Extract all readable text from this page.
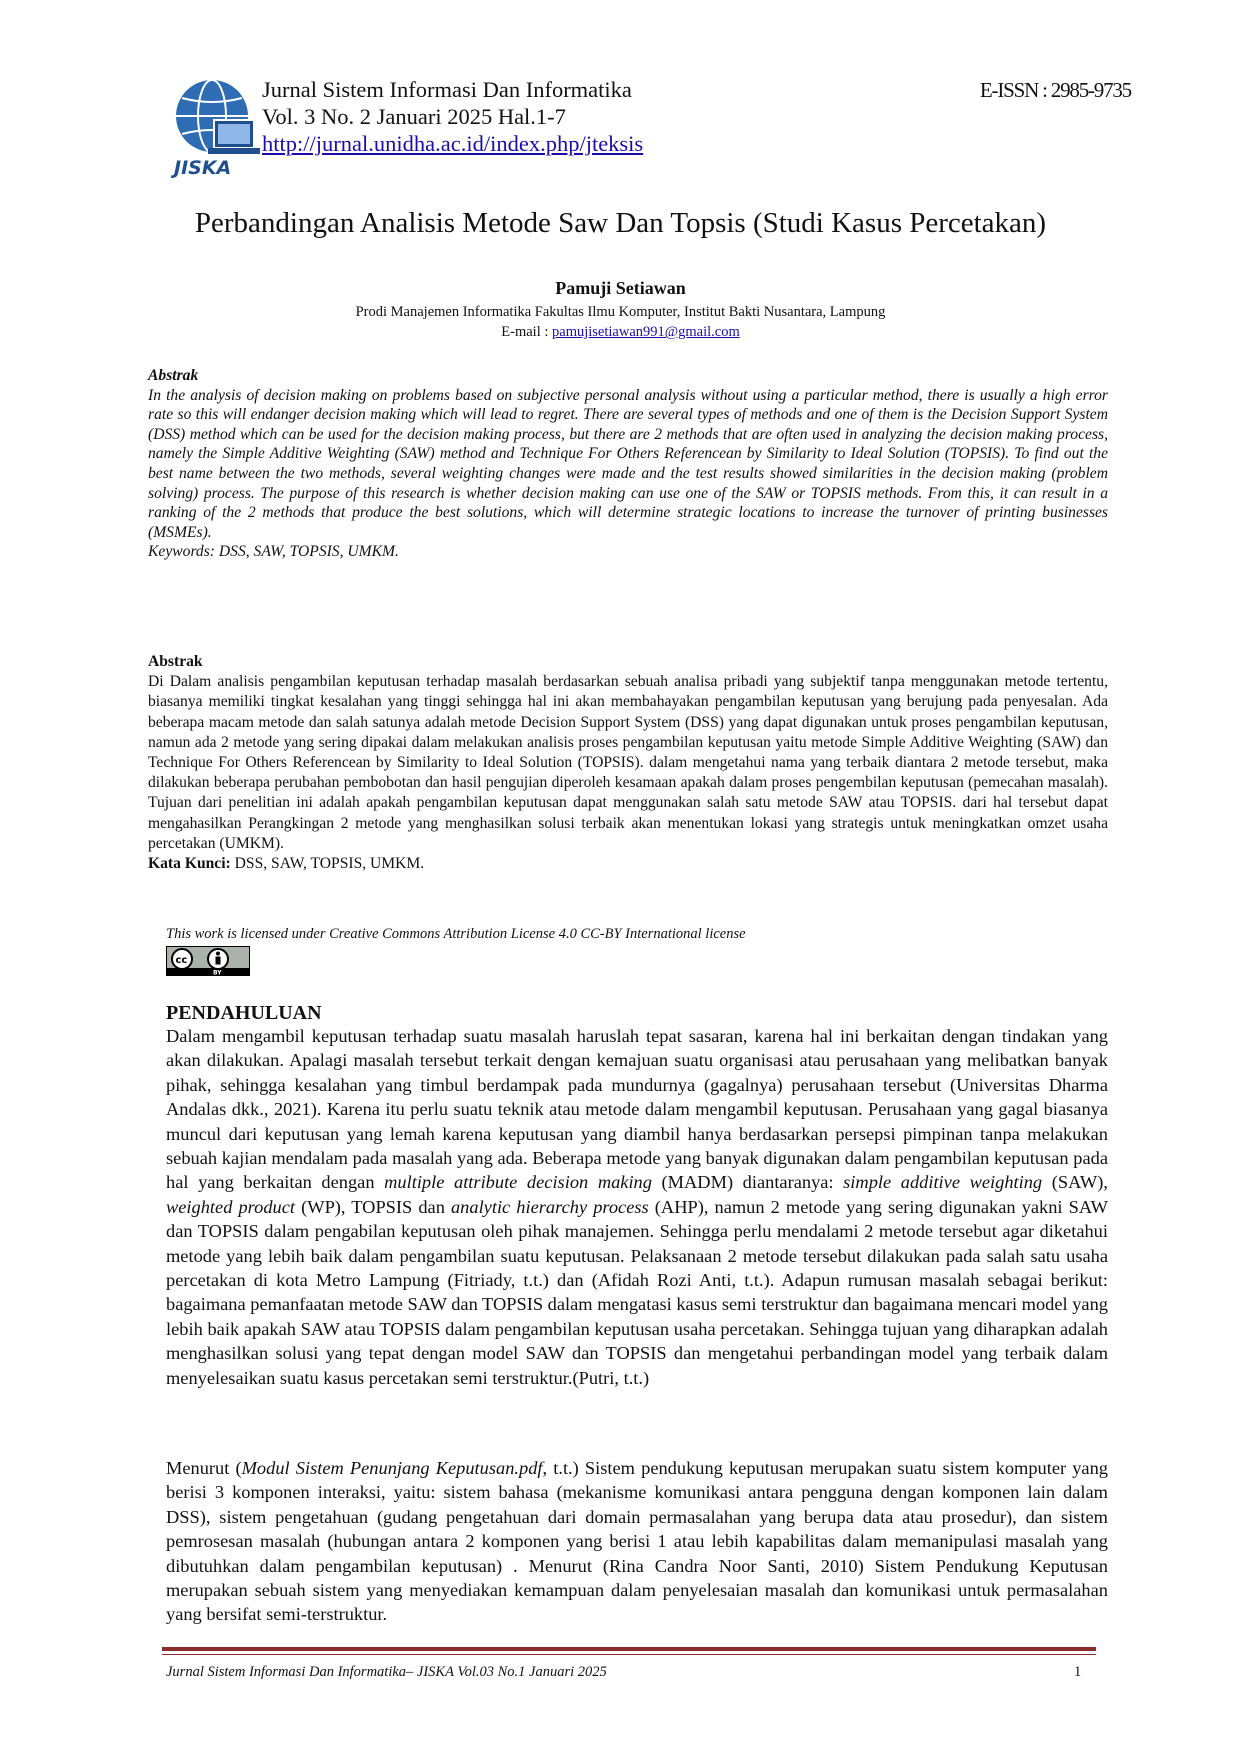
JISKA
Jurnal Sistem Informasi Dan Informatika
Vol. 3 No. 2 Januari 2025 Hal.1-7
http://jurnal.unidha.ac.id/index.php/jteksis
E-ISSN : 2985-9735
Perbandingan Analisis Metode Saw Dan Topsis (Studi Kasus Percetakan)
Pamuji Setiawan
Prodi Manajemen Informatika Fakultas Ilmu Komputer, Institut Bakti Nusantara, Lampung
E-mail : pamujisetiawan991@gmail.com
Abstrak
In the analysis of decision making on problems based on subjective personal analysis without using a particular method, there is usually a high error rate so this will endanger decision making which will lead to regret. There are several types of methods and one of them is the Decision Support System (DSS) method which can be used for the decision making process, but there are 2 methods that are often used in analyzing the decision making process, namely the Simple Additive Weighting (SAW) method and Technique For Others Referencean by Similarity to Ideal Solution (TOPSIS). To find out the best name between the two methods, several weighting changes were made and the test results showed similarities in the decision making (problem solving) process. The purpose of this research is whether decision making can use one of the SAW or TOPSIS methods. From this, it can result in a ranking of the 2 methods that produce the best solutions, which will determine strategic locations to increase the turnover of printing businesses (MSMEs).
Keywords: DSS, SAW, TOPSIS, UMKM.
Abstrak
Di Dalam analisis pengambilan keputusan terhadap masalah berdasarkan sebuah analisa pribadi yang subjektif tanpa menggunakan metode tertentu, biasanya memiliki tingkat kesalahan yang tinggi sehingga hal ini akan membahayakan pengambilan keputusan yang berujung pada penyesalan. Ada beberapa macam metode dan salah satunya adalah metode Decision Support System (DSS) yang dapat digunakan untuk proses pengambilan keputusan, namun ada 2 metode yang sering dipakai dalam melakukan analisis proses pengambilan keputusan yaitu metode Simple Additive Weighting (SAW) dan Technique For Others Referencean by Similarity to Ideal Solution (TOPSIS). dalam mengetahui nama yang terbaik diantara 2 metode tersebut, maka dilakukan beberapa perubahan pembobotan dan hasil pengujian diperoleh kesamaan apakah dalam proses pengembilan keputusan (pemecahan masalah). Tujuan dari penelitian ini adalah apakah pengambilan keputusan dapat menggunakan salah satu metode SAW atau TOPSIS. dari hal tersebut dapat mengahasilkan Perangkingan 2 metode yang menghasilkan solusi terbaik akan menentukan lokasi yang strategis untuk meningkatkan omzet usaha percetakan (UMKM).
Kata Kunci: DSS, SAW, TOPSIS, UMKM.
This work is licensed under Creative Commons Attribution License 4.0 CC-BY International license
cc
BY
PENDAHULUAN
Dalam mengambil keputusan terhadap suatu masalah haruslah tepat sasaran, karena hal ini berkaitan dengan tindakan yang akan dilakukan. Apalagi masalah tersebut terkait dengan kemajuan suatu organisasi atau perusahaan yang melibatkan banyak pihak, sehingga kesalahan yang timbul berdampak pada mundurnya (gagalnya) perusahaan tersebut (Universitas Dharma Andalas dkk., 2021). Karena itu perlu suatu teknik atau metode dalam mengambil keputusan. Perusahaan yang gagal biasanya muncul dari keputusan yang lemah karena keputusan yang diambil hanya berdasarkan persepsi pimpinan tanpa melakukan sebuah kajian mendalam pada masalah yang ada. Beberapa metode yang banyak digunakan dalam pengambilan keputusan pada hal yang berkaitan dengan multiple attribute decision making (MADM) diantaranya: simple additive weighting (SAW), weighted product (WP), TOPSIS dan analytic hierarchy process (AHP), namun 2 metode yang sering digunakan yakni SAW dan TOPSIS dalam pengabilan keputusan oleh pihak manajemen. Sehingga perlu mendalami 2 metode tersebut agar diketahui metode yang lebih baik dalam pengambilan suatu keputusan. Pelaksanaan 2 metode tersebut dilakukan pada salah satu usaha percetakan di kota Metro Lampung (Fitriady, t.t.) dan (Afidah Rozi Anti, t.t.). Adapun rumusan masalah sebagai berikut: bagaimana pemanfaatan metode SAW dan TOPSIS dalam mengatasi kasus semi terstruktur dan bagaimana mencari model yang lebih baik apakah SAW atau TOPSIS dalam pengambilan keputusan usaha percetakan. Sehingga tujuan yang diharapkan adalah menghasilkan solusi yang tepat dengan model SAW dan TOPSIS dan mengetahui perbandingan model yang terbaik dalam menyelesaikan suatu kasus percetakan semi terstruktur.(Putri, t.t.)
Menurut (Modul Sistem Penunjang Keputusan.pdf, t.t.) Sistem pendukung keputusan merupakan suatu sistem komputer yang berisi 3 komponen interaksi, yaitu: sistem bahasa (mekanisme komunikasi antara pengguna dengan komponen lain dalam DSS), sistem pengetahuan (gudang pengetahuan dari domain permasalahan yang berupa data atau prosedur), dan sistem pemrosesan masalah (hubungan antara 2 komponen yang berisi 1 atau lebih kapabilitas dalam memanipulasi masalah yang dibutuhkan dalam pengambilan keputusan) . Menurut (Rina Candra Noor Santi, 2010) Sistem Pendukung Keputusan merupakan sebuah sistem yang menyediakan kemampuan dalam penyelesaian masalah dan komunikasi untuk permasalahan yang bersifat semi-terstruktur.
Jurnal Sistem Informasi Dan Informatika– JISKA Vol.03 No.1 Januari 2025	1
